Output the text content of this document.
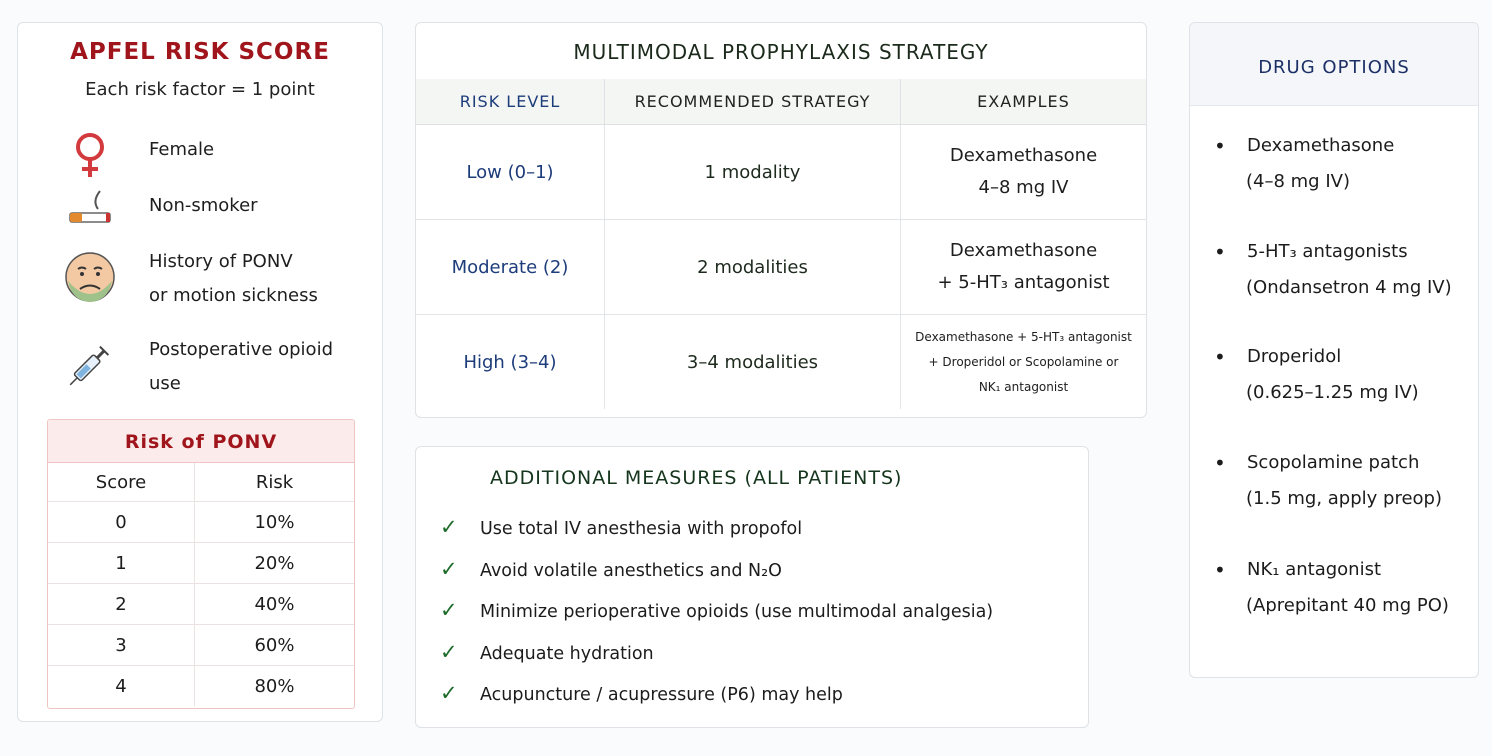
APFEL RISK SCORE
Each risk factor = 1 point
Female
Non-smoker
History of PONV
or motion sickness
Postoperative opioid
use
Risk of PONV
Score	Risk
0	10%
1	20%
2	40%
3	60%
4	80%
MULTIMODAL PROPHYLAXIS STRATEGY
RISK LEVEL	RECOMMENDED STRATEGY	EXAMPLES
Low (0–1)	1 modality	Dexamethasone
4–8 mg IV

Moderate (2)	2 modalities	Dexamethasone
+ 5-HT₃ antagonist

High (3–4)	3–4 modalities	Dexamethasone + 5-HT₃ antagonist
+ Droperidol or Scopolamine or
NK₁ antagonist
ADDITIONAL MEASURES (ALL PATIENTS)
✓ Use total IV anesthesia with propofol
✓ Avoid volatile anesthetics and N₂O
✓ Minimize perioperative opioids (use multimodal analgesia)
✓ Adequate hydration
✓ Acupuncture / acupressure (P6) may help
DRUG OPTIONS
• Dexamethasone
(4–8 mg IV)
• 5-HT₃ antagonists
(Ondansetron 4 mg IV)
• Droperidol
(0.625–1.25 mg IV)
• Scopolamine patch
(1.5 mg, apply preop)
• NK₁ antagonist
(Aprepitant 40 mg PO)
